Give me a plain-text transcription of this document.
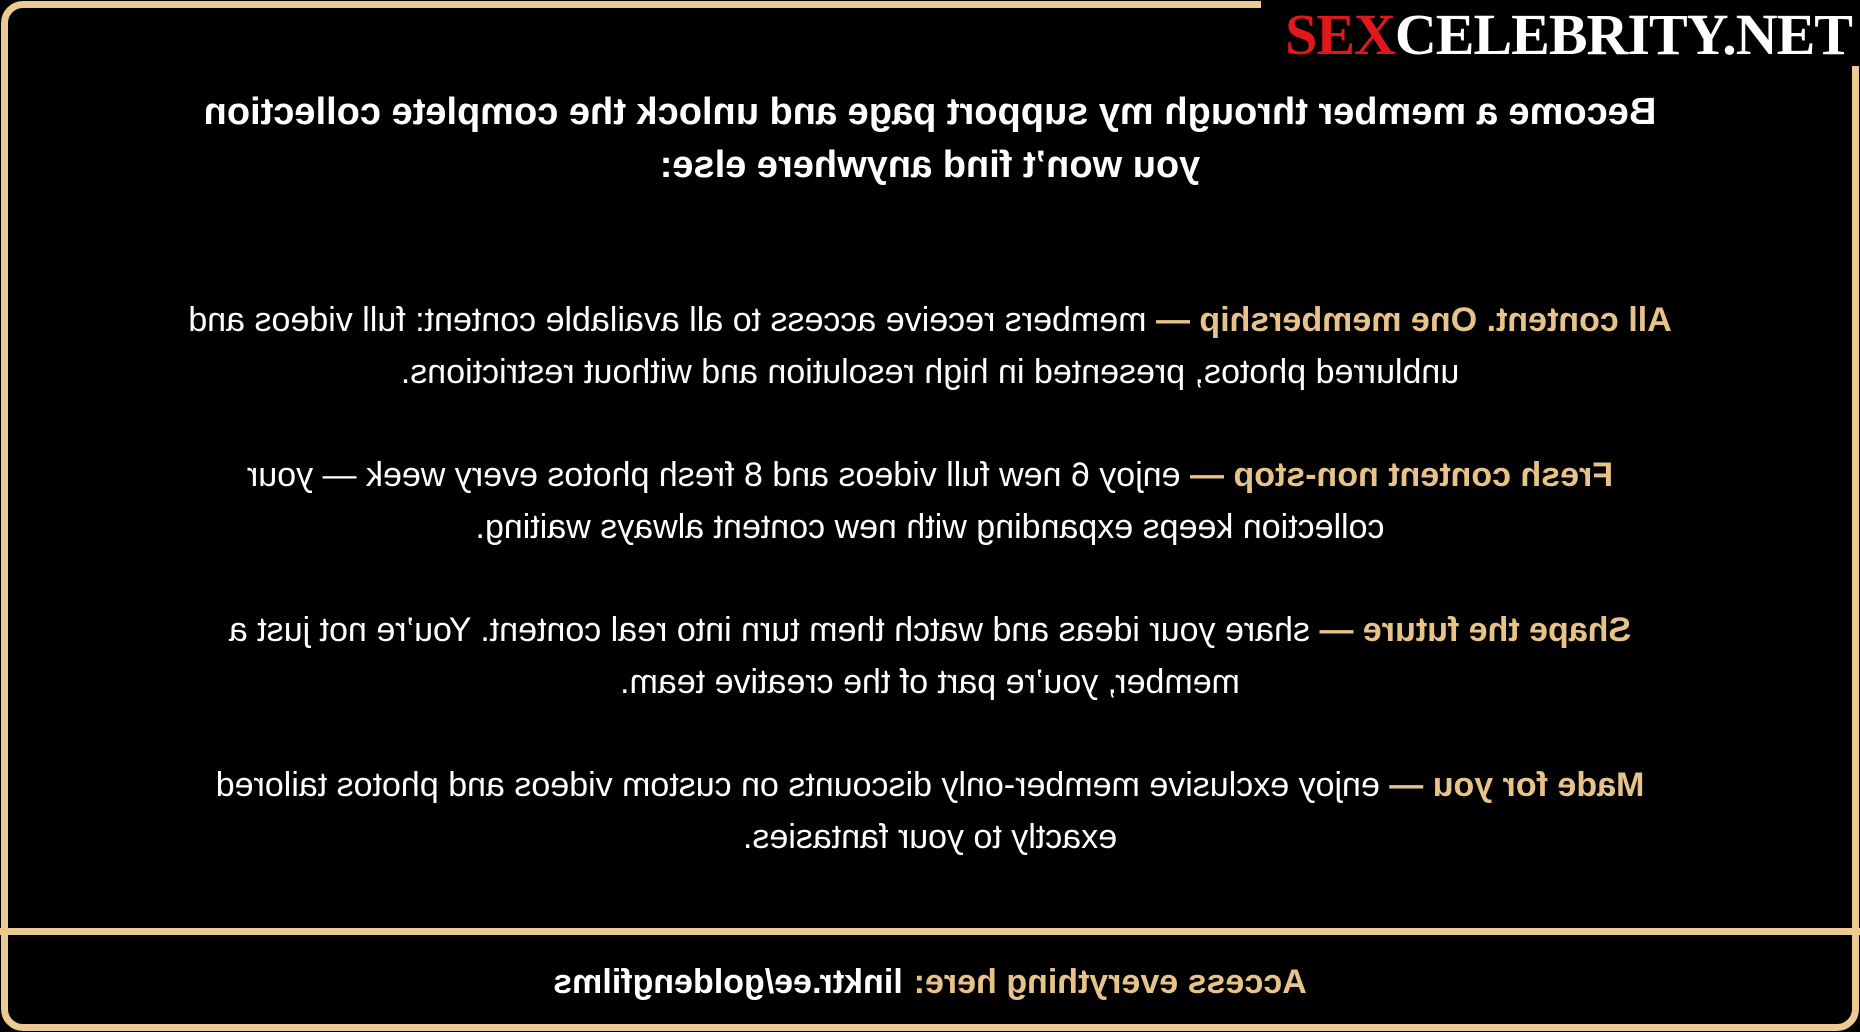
Become a member through my support page and unlock the complete collection you won’t find anywhere else:

All content. One membership — members receive access to all available content: full videos and unblurred photos, presented in high resolution and without restrictions.

Fresh content non-stop — enjoy 6 new full videos and 8 fresh photos every week — your collection keeps expanding with new content always waiting.

Shape the future — share your ideas and watch them turn into real content. You’re not just a member, you’re part of the creative team.

Made for you — enjoy exclusive member-only discounts on custom videos and photos tailored exactly to your fantasies.

Access everything here:
linktr.ee/goldengfilms
SEX CELEBRITY.NET
